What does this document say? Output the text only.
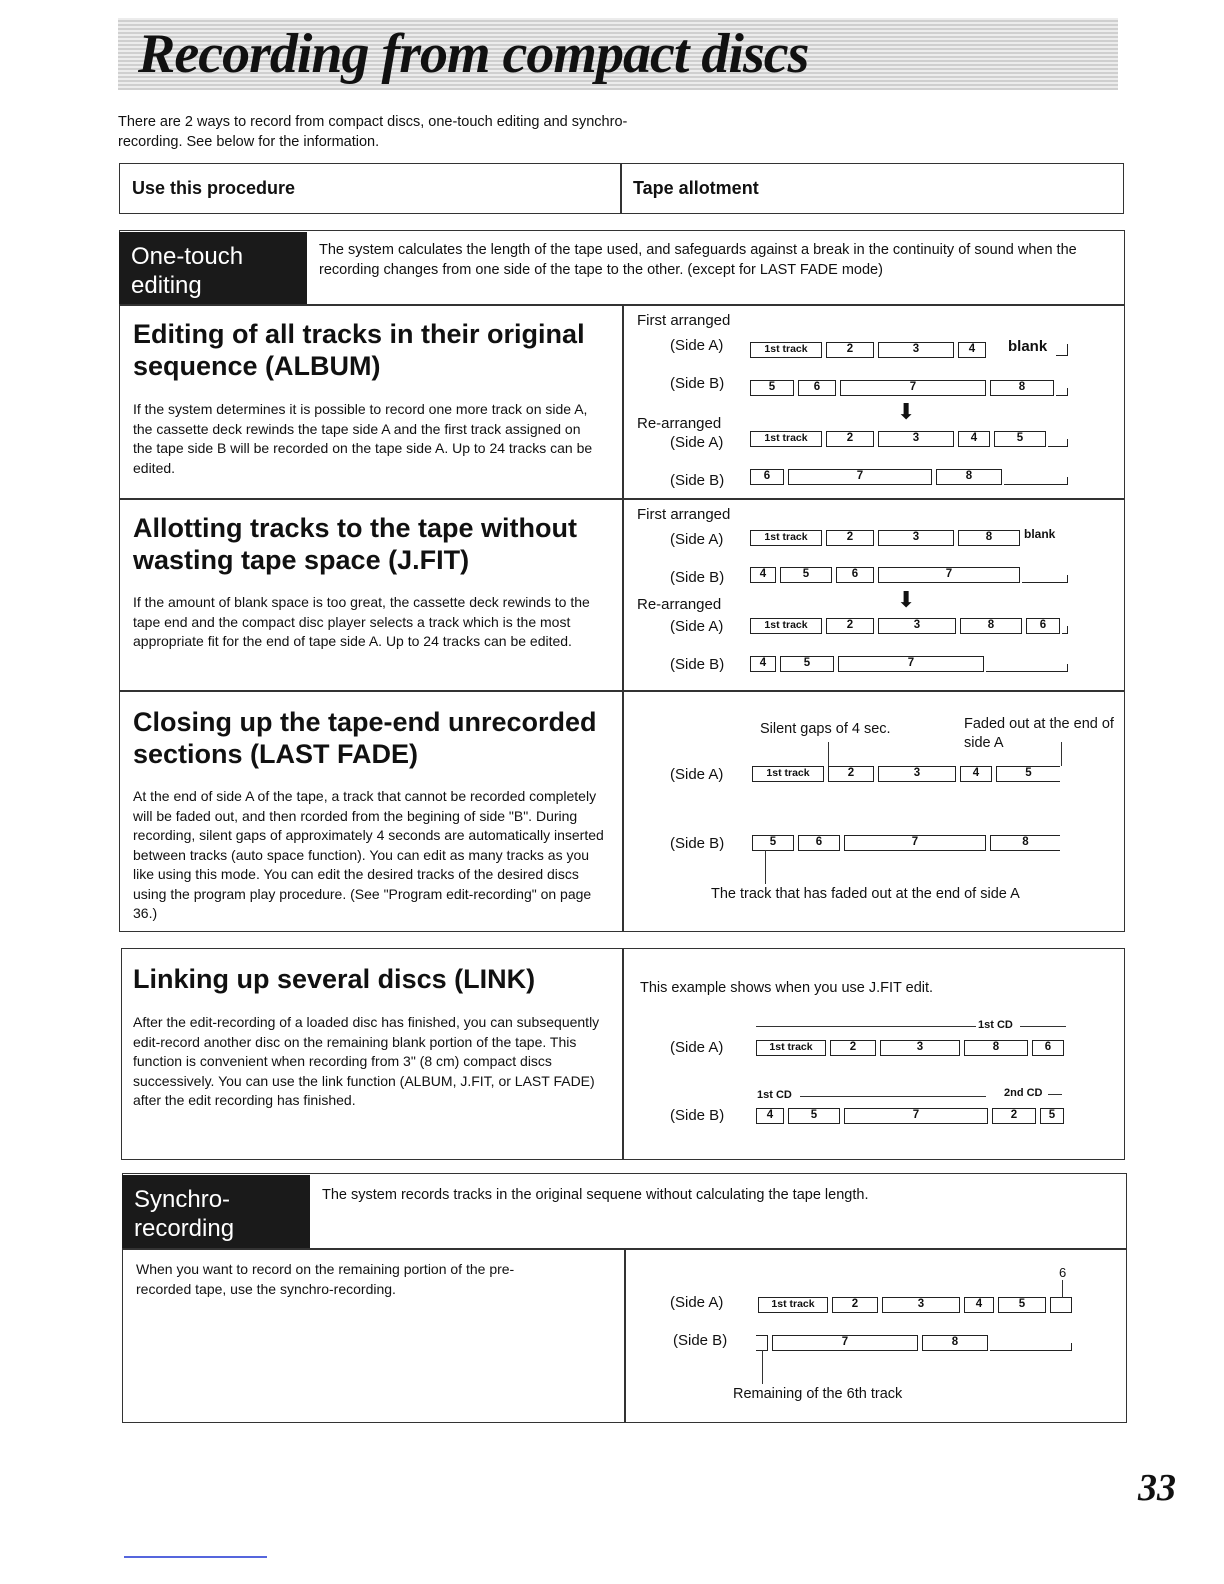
Recording from compact discs
There are 2 ways to record from compact discs, one-touch editing and synchro-recording. See below for the information.
Use this procedure	Tape allotment
One-touch editing
The system calculates the length of the tape used, and safeguards against a break in the continuity of sound when the recording changes from one side of the tape to the other. (except for LAST FADE mode)
Editing of all tracks in their original sequence (ALBUM)
If the system determines it is possible to record one more track on side A, the cassette deck rewinds the tape side A and the first track assigned on the tape side B will be recorded on the tape side A. Up to 24 tracks can be edited.
First arranged
(Side A)
(Side B)
⬇
Re-arranged
(Side A)
(Side B)
1st track	2	3	4	blank
5	6	7	8
1st track	2	3	4	5
6	7	8
Allotting tracks to the tape without wasting tape space (J.FIT)
If the amount of blank space is too great, the cassette deck rewinds to the tape end and the compact disc player selects a track which is the most appropriate fit for the end of tape side A. Up to 24 tracks can be edited.
First arranged
(Side A)
(Side B)
⬇
Re-arranged
(Side A)
(Side B)
1st track	2	3	8	blank
4	5	6	7
1st track	2	3	8	6
4	5	7
Closing up the tape-end unrecorded sections (LAST FADE)
At the end of side A of the tape, a track that cannot be recorded completely will be faded out, and then rcorded from the begining of side "B". During recording, silent gaps of approximately 4 seconds are automatically inserted between tracks (auto space function). You can edit as many tracks as you like using this mode. You can edit the desired tracks of the desired discs using the program play procedure. (See "Program edit-recording" on page 36.)
Silent gaps of 4 sec.	Faded out at the end of side A
(Side A)
(Side B)
1st track	2	3	4	5
5	6	7	8
The track that has faded out at the end of side A
Linking up several discs (LINK)
After the edit-recording of a loaded disc has finished, you can subsequently edit-record another disc on the remaining blank portion of the tape. This function is convenient when recording from 3" (8 cm) compact discs successively. You can use the link function (ALBUM, J.FIT, or LAST FADE) after the edit recording has finished.
This example shows when you use J.FIT edit.
1st CD
(Side A)
(Side B)
1st track	2	3	8	6
1st CD	2nd CD
4	5	7	2	5
Synchro-recording
The system records tracks in the original sequene without calculating the tape length.
When you want to record on the remaining portion of the pre-recorded tape, use the synchro-recording.
6
(Side A)
(Side B)
1st track	2	3	4	5
7	8
Remaining of the 6th track
33
